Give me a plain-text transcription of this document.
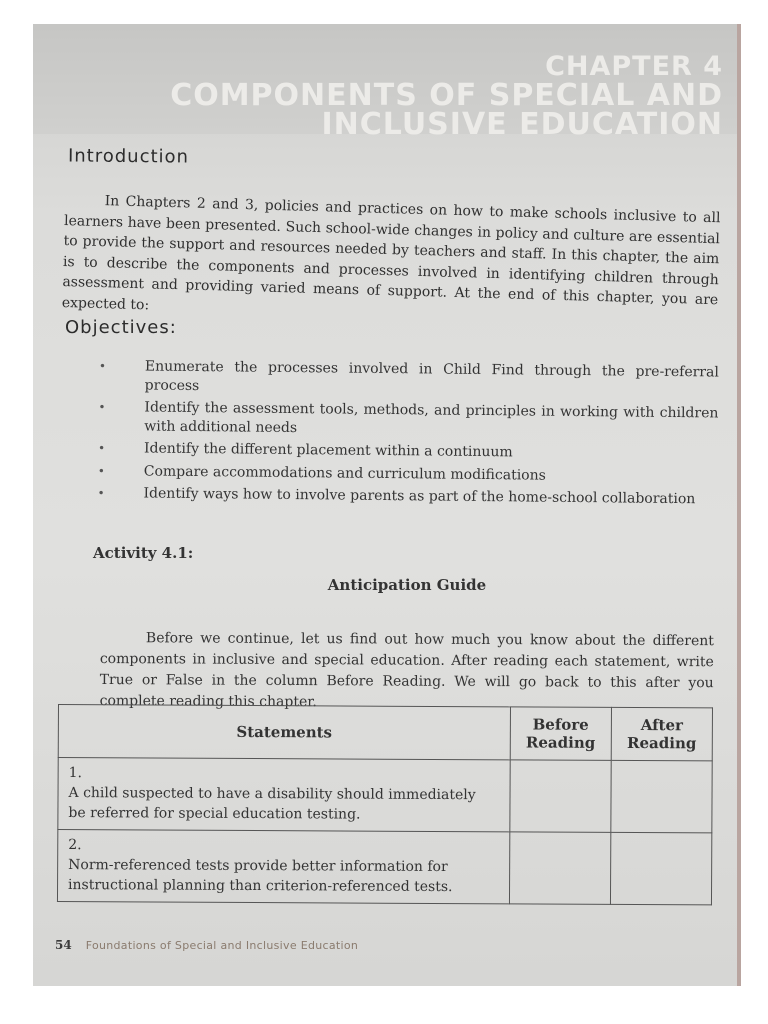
CHAPTER 4
COMPONENTS OF SPECIAL AND
INCLUSIVE EDUCATION
Introduction

In Chapters 2 and 3, policies and practices on how to make schools inclusive to all learners have been presented. Such school-wide changes in policy and culture are essential to provide the support and resources needed by teachers and staff. In this chapter, the aim is to describe the components and processes involved in identifying children through assessment and providing varied means of support. At the end of this chapter, you are expected to:

Objectives:
• Enumerate the processes involved in Child Find through the pre-referral process
• Identify the assessment tools, methods, and principles in working with children with additional needs
• Identify the different placement within a continuum
• Compare accommodations and curriculum modifications
• Identify ways how to involve parents as part of the home-school collaboration
Activity 4.1:
Anticipation Guide

Before we continue, let us find out how much you know about the different components in inclusive and special education. After reading each statement, write True or False in the column Before Reading. We will go back to this after you complete reading this chapter.

Statements	Before Reading	After Reading
1.A child suspected to have a disability should immediately be referred for special education testing.		
2.Norm-referenced tests provide better information for instructional planning than criterion-referenced tests.		
54 Foundations of Special and Inclusive Education
